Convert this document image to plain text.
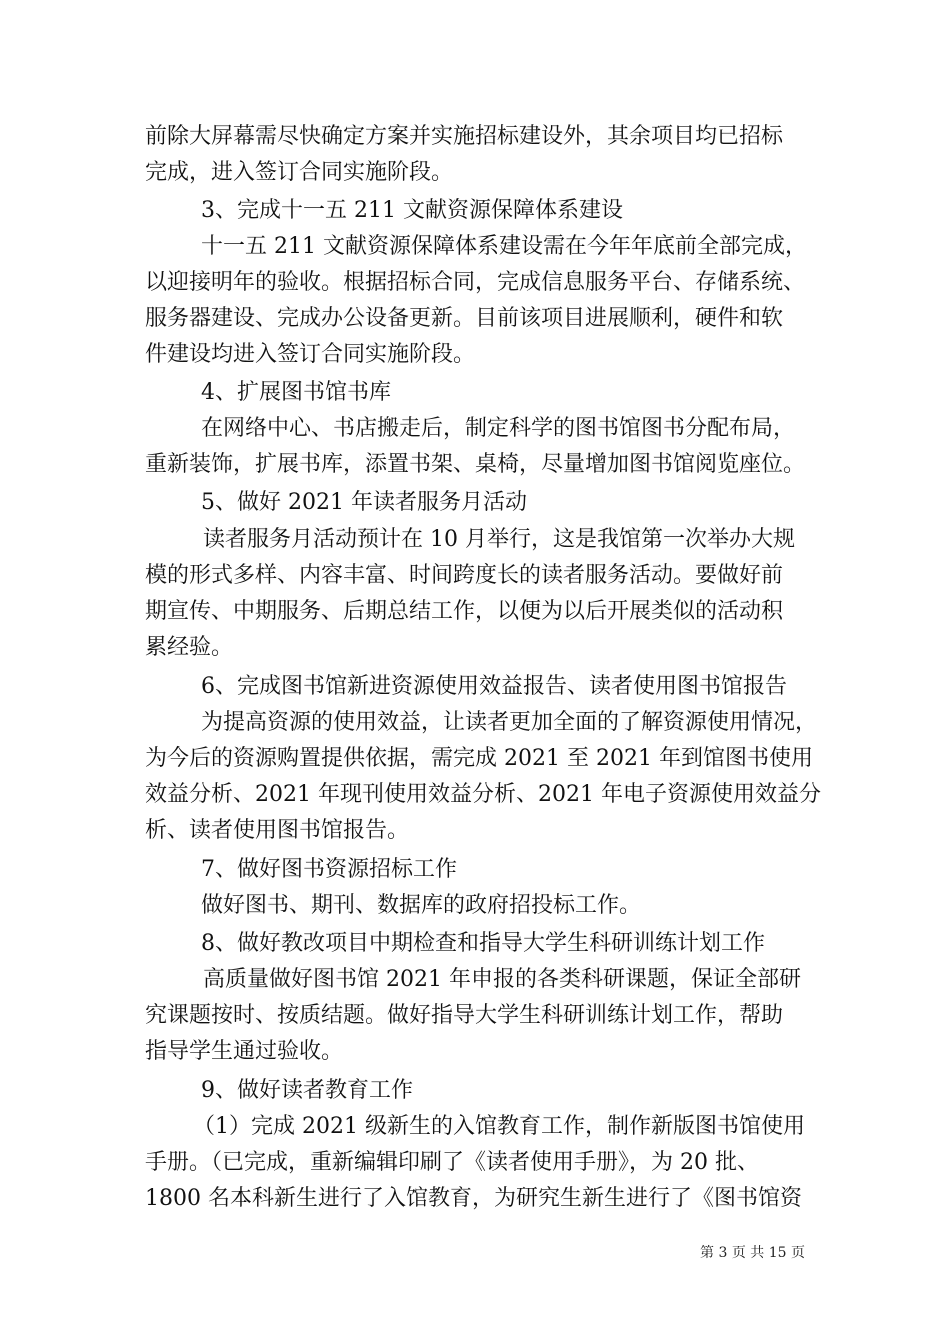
前除大屏幕需尽快确定方案并实施招标建设外，其余项目均已招标
完成，进入签订合同实施阶段。
3、完成十一五 211 文献资源保障体系建设
十一五 211 文献资源保障体系建设需在今年年底前全部完成，
以迎接明年的验收。根据招标合同，完成信息服务平台、存储系统、
服务器建设、完成办公设备更新。目前该项目进展顺利，硬件和软
件建设均进入签订合同实施阶段。
4、扩展图书馆书库
在网络中心、书店搬走后，制定科学的图书馆图书分配布局，
重新装饰，扩展书库，添置书架、桌椅，尽量增加图书馆阅览座位。
5、做好 2021 年读者服务月活动
读者服务月活动预计在 10 月举行，这是我馆第一次举办大规
模的形式多样、内容丰富、时间跨度长的读者服务活动。要做好前
期宣传、中期服务、后期总结工作，以便为以后开展类似的活动积
累经验。
6、完成图书馆新进资源使用效益报告、读者使用图书馆报告
为提高资源的使用效益，让读者更加全面的了解资源使用情况，
为今后的资源购置提供依据，需完成 2021 至 2021 年到馆图书使用
效益分析、2021 年现刊使用效益分析、2021 年电子资源使用效益分
析、读者使用图书馆报告。
7、做好图书资源招标工作
做好图书、期刊、数据库的政府招投标工作。
8、做好教改项目中期检查和指导大学生科研训练计划工作
高质量做好图书馆 2021 年申报的各类科研课题，保证全部研
究课题按时、按质结题。做好指导大学生科研训练计划工作，帮助
指导学生通过验收。
9、做好读者教育工作
（1）完成 2021 级新生的入馆教育工作，制作新版图书馆使用
手册。（已完成，重新编辑印刷了《读者使用手册》，为 20 批、
1800 名本科新生进行了入馆教育，为研究生新生进行了《图书馆资
第 3 页 共 15 页
